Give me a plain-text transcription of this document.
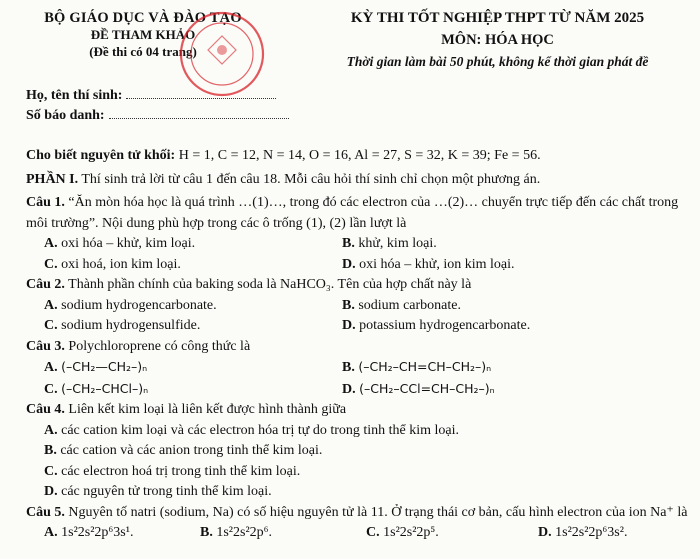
BỘ GIÁO DỤC VÀ ĐÀO TẠO
ĐỀ THAM KHẢO
(Đề thi có 04 trang)
KỲ THI TỐT NGHIỆP THPT TỪ NĂM 2025
MÔN: HÓA HỌC
Thời gian làm bài 50 phút, không kể thời gian phát đề
Họ, tên thí sinh:
Số báo danh:
Cho biết nguyên tử khối: H = 1, C = 12, N = 14, O = 16, Al = 27, S = 32, K = 39; Fe = 56.
PHẦN I. Thí sinh trả lời từ câu 1 đến câu 18. Mỗi câu hỏi thí sinh chỉ chọn một phương án.
Câu 1. “Ăn mòn hóa học là quá trình …(1)…, trong đó các electron của …(2)… chuyển trực tiếp đến các chất trong môi trường”. Nội dung phù hợp trong các ô trống (1), (2) lần lượt là
A. oxi hóa – khử, kim loại.	B. khử, kim loại.
C. oxi hoá, ion kim loại.	D. oxi hóa – khử, ion kim loại.
Câu 2. Thành phần chính của baking soda là NaHCO₃. Tên của hợp chất này là
A. sodium hydrogencarbonate.	B. sodium carbonate.
C. sodium hydrogensulfide.	D. potassium hydrogencarbonate.
Câu 3. Polychloroprene có công thức là
A. (–CH₂—CH₂–)ₙ	B. (–CH₂–CH=CH–CH₂–)ₙ
C. (–CH₂–CHCl–)ₙ	D. (–CH₂–CCl=CH–CH₂–)ₙ
Câu 4. Liên kết kim loại là liên kết được hình thành giữa
A. các cation kim loại và các electron hóa trị tự do trong tinh thể kim loại.
B. các cation và các anion trong tinh thể kim loại.
C. các electron hoá trị trong tinh thể kim loại.
D. các nguyên tử trong tinh thể kim loại.
Câu 5. Nguyên tố natri (sodium, Na) có số hiệu nguyên tử là 11. Ở trạng thái cơ bản, cấu hình electron của ion Na⁺ là
A. 1s²2s²2p⁶3s¹.	B. 1s²2s²2p⁶.	C. 1s²2s²2p⁵.	D. 1s²2s²2p⁶3s².
